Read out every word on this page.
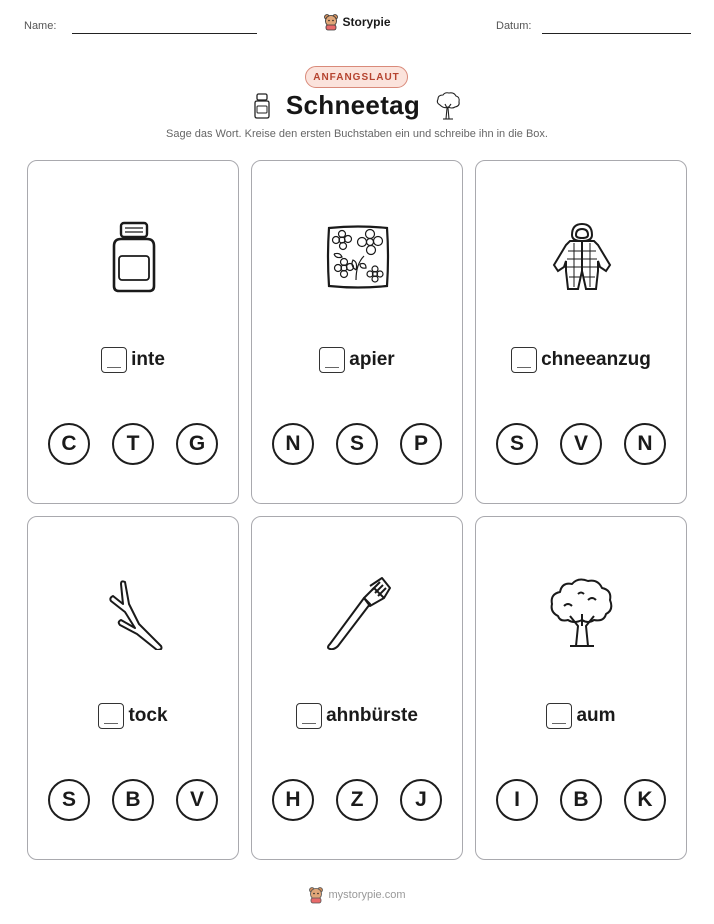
Name:	Datum:
Storypie
ANFANGSLAUT
Schneetag
Sage das Wort. Kreise den ersten Buchstaben ein und schreibe ihn in die Box.
inte
C	T	G
apier
N	S	P
chneeanzug
S	V	N
tock
S	B	V
ahnbürste
H	Z	J
aum
I	B	K
mystorypie.com
